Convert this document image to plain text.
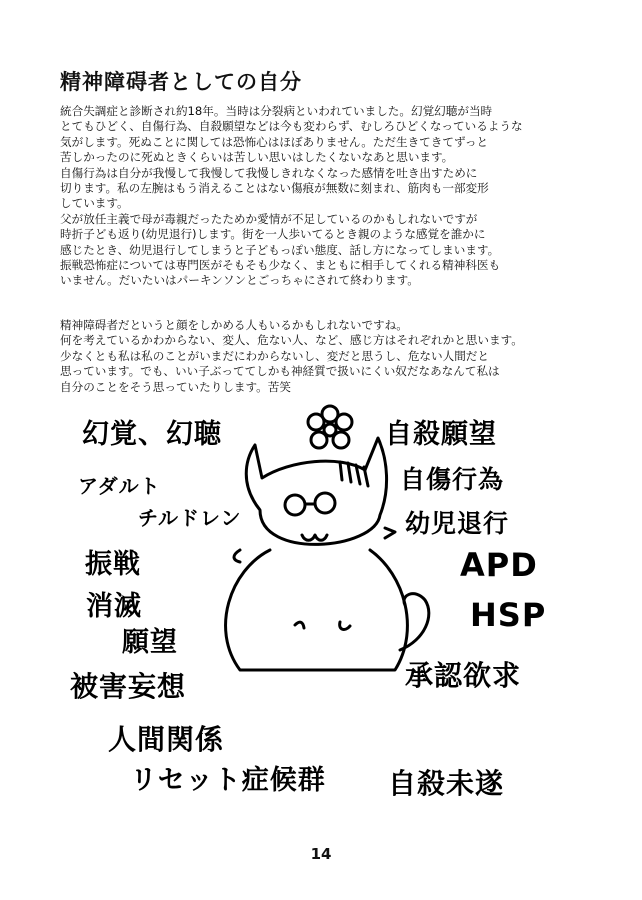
精神障碍者としての自分
統合失調症と診断され約18年。当時は分裂病といわれていました。幻覚幻聴が当時
とてもひどく、自傷行為、自殺願望などは今も変わらず、むしろひどくなっているような
気がします。死ぬことに関しては恐怖心はほぼありません。ただ生きてきてずっと
苦しかったのに死ぬときくらいは苦しい思いはしたくないなあと思います。
自傷行為は自分が我慢して我慢して我慢しきれなくなった感情を吐き出すために
切ります。私の左腕はもう消えることはない傷痕が無数に刻まれ、筋肉も一部変形
しています。
父が放任主義で母が毒親だったためか愛情が不足しているのかもしれないですが
時折子ども返り(幼児退行)します。街を一人歩いてるとき親のような感覚を誰かに
感じたとき、幼児退行してしまうと子どもっぽい態度、話し方になってしまいます。
振戦恐怖症については専門医がそもそも少なく、まともに相手してくれる精神科医も
いません。だいたいはパーキンソンとごっちゃにされて終わります。
精神障碍者だというと顔をしかめる人もいるかもしれないですね。
何を考えているかわからない、変人、危ない人、など、感じ方はそれぞれかと思います。
少なくとも私は私のことがいまだにわからないし、変だと思うし、危ない人間だと
思っています。でも、いい子ぶっててしかも神経質で扱いにくい奴だなあなんて私は
自分のことをそう思っていたりします。苦笑
幻覚、幻聴
アダルト
チルドレン
振戦
消滅
願望
被害妄想
人間関係
リセット症候群
自殺願望
自傷行為
幼児退行
APD
HSP
承認欲求
自殺未遂
14
